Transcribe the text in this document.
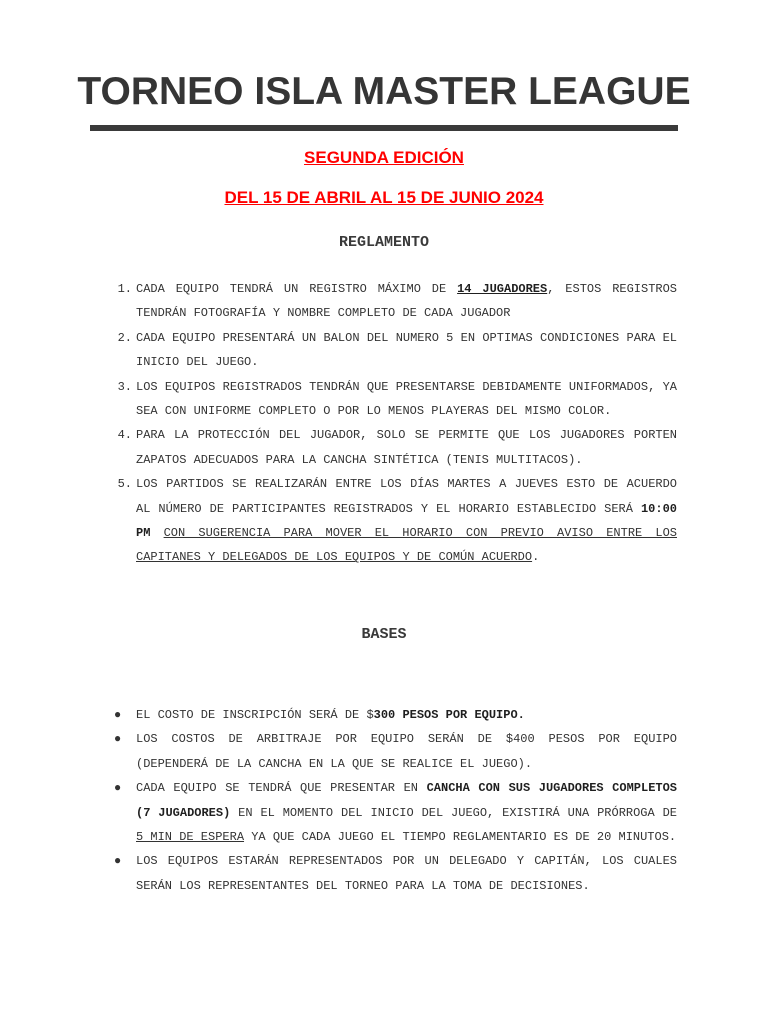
TORNEO ISLA MASTER LEAGUE

SEGUNDA EDICIÓN

DEL 15 DE ABRIL AL 15 DE JUNIO 2024

REGLAMENTO
1. CADA EQUIPO TENDRÁ UN REGISTRO MÁXIMO DE 14 JUGADORES, ESTOS REGISTROS TENDRÁN FOTOGRAFÍA Y NOMBRE COMPLETO DE CADA JUGADOR
2. CADA EQUIPO PRESENTARÁ UN BALON DEL NUMERO 5 EN OPTIMAS CONDICIONES PARA EL INICIO DEL JUEGO.
3. LOS EQUIPOS REGISTRADOS TENDRÁN QUE PRESENTARSE DEBIDAMENTE UNIFORMADOS, YA SEA CON UNIFORME COMPLETO O POR LO MENOS PLAYERAS DEL MISMO COLOR.
4. PARA LA PROTECCIÓN DEL JUGADOR, SOLO SE PERMITE QUE LOS JUGADORES PORTEN ZAPATOS ADECUADOS PARA LA CANCHA SINTÉTICA (TENIS MULTITACOS).
5. LOS PARTIDOS SE REALIZARÁN ENTRE LOS DÍAS MARTES A JUEVES ESTO DE ACUERDO AL NÚMERO DE PARTICIPANTES REGISTRADOS Y EL HORARIO ESTABLECIDO SERÁ 10:00 PM CON SUGERENCIA PARA MOVER EL HORARIO CON PREVIO AVISO ENTRE LOS CAPITANES Y DELEGADOS DE LOS EQUIPOS Y DE COMÚN ACUERDO.
BASES
● EL COSTO DE INSCRIPCIÓN SERÁ DE $300 PESOS POR EQUIPO.
● LOS COSTOS DE ARBITRAJE POR EQUIPO SERÁN DE $400 PESOS POR EQUIPO (DEPENDERÁ DE LA CANCHA EN LA QUE SE REALICE EL JUEGO).
● CADA EQUIPO SE TENDRÁ QUE PRESENTAR EN CANCHA CON SUS JUGADORES COMPLETOS (7 JUGADORES) EN EL MOMENTO DEL INICIO DEL JUEGO, EXISTIRÁ UNA PRÓRROGA DE 5 MIN DE ESPERA YA QUE CADA JUEGO EL TIEMPO REGLAMENTARIO ES DE 20 MINUTOS.
● LOS EQUIPOS ESTARÁN REPRESENTADOS POR UN DELEGADO Y CAPITÁN, LOS CUALES SERÁN LOS REPRESENTANTES DEL TORNEO PARA LA TOMA DE DECISIONES.
